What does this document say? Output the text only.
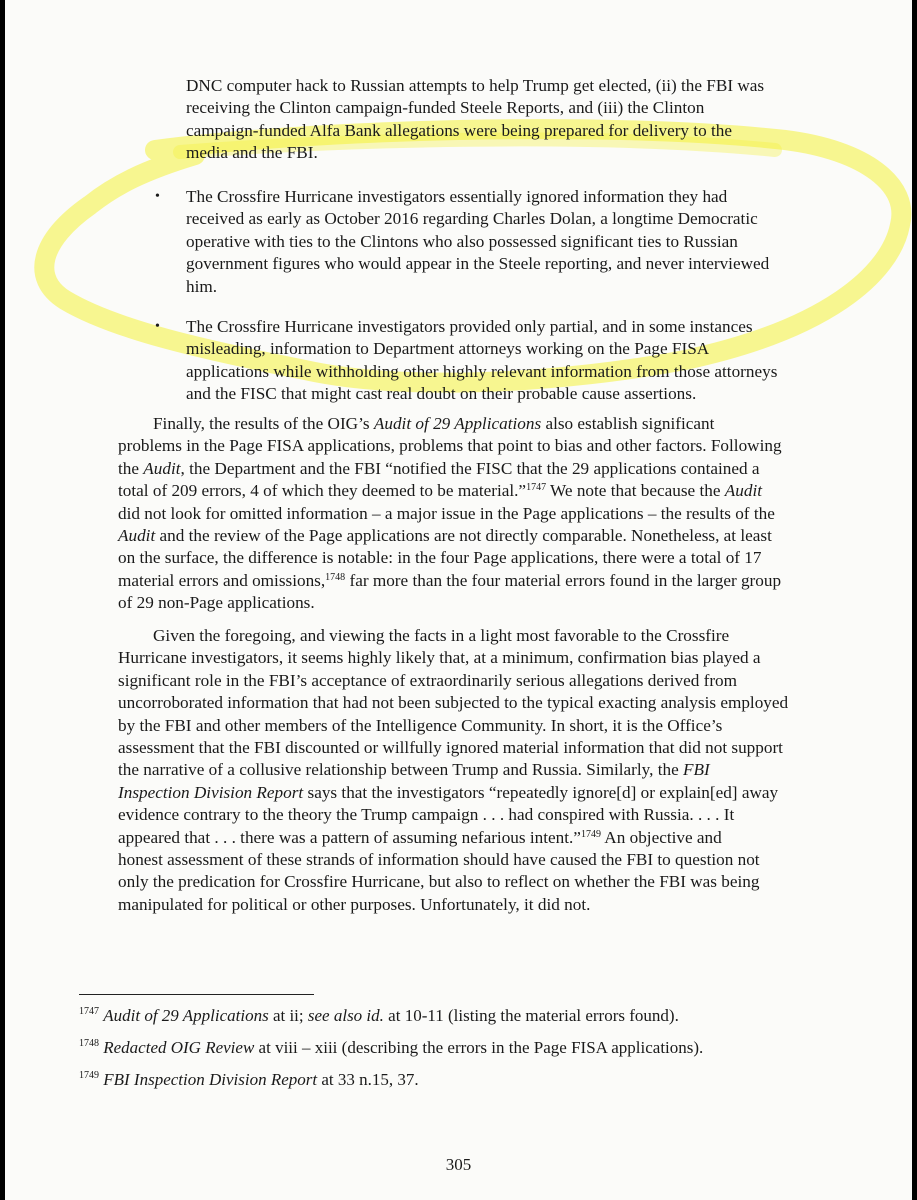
DNC computer hack to Russian attempts to help Trump get elected, (ii) the FBI was
receiving the Clinton campaign-funded Steele Reports, and (iii) the Clinton
campaign-funded Alfa Bank allegations were being prepared for delivery to the
media and the FBI.
• The Crossfire Hurricane investigators essentially ignored information they had
received as early as October 2016 regarding Charles Dolan, a longtime Democratic
operative with ties to the Clintons who also possessed significant ties to Russian
government figures who would appear in the Steele reporting, and never interviewed
him.
• The Crossfire Hurricane investigators provided only partial, and in some instances
misleading, information to Department attorneys working on the Page FISA
applications while withholding other highly relevant information from those attorneys
and the FISC that might cast real doubt on their probable cause assertions.
Finally, the results of the OIG’s Audit of 29 Applications also establish significant
problems in the Page FISA applications, problems that point to bias and other factors. Following
the Audit, the Department and the FBI “notified the FISC that the 29 applications contained a
total of 209 errors, 4 of which they deemed to be material.”$^{1747}$ We note that because the Audit
did not look for omitted information – a major issue in the Page applications – the results of the
Audit and the review of the Page applications are not directly comparable. Nonetheless, at least
on the surface, the difference is notable: in the four Page applications, there were a total of 17
material errors and omissions,$^{1748}$ far more than the four material errors found in the larger group
of 29 non-Page applications.
Given the foregoing, and viewing the facts in a light most favorable to the Crossfire
Hurricane investigators, it seems highly likely that, at a minimum, confirmation bias played a
significant role in the FBI’s acceptance of extraordinarily serious allegations derived from
uncorroborated information that had not been subjected to the typical exacting analysis employed
by the FBI and other members of the Intelligence Community. In short, it is the Office’s
assessment that the FBI discounted or willfully ignored material information that did not support
the narrative of a collusive relationship between Trump and Russia. Similarly, the FBI
Inspection Division Report says that the investigators “repeatedly ignore[d] or explain[ed] away
evidence contrary to the theory the Trump campaign . . . had conspired with Russia. . . . It
appeared that . . . there was a pattern of assuming nefarious intent.”$^{1749}$ An objective and
honest assessment of these strands of information should have caused the FBI to question not
only the predication for Crossfire Hurricane, but also to reflect on whether the FBI was being
manipulated for political or other purposes. Unfortunately, it did not.
$^{1747}$ Audit of 29 Applications at ii; see also id. at 10-11 (listing the material errors found).
$^{1748}$ Redacted OIG Review at viii – xiii (describing the errors in the Page FISA applications).
$^{1749}$ FBI Inspection Division Report at 33 n.15, 37.
305
